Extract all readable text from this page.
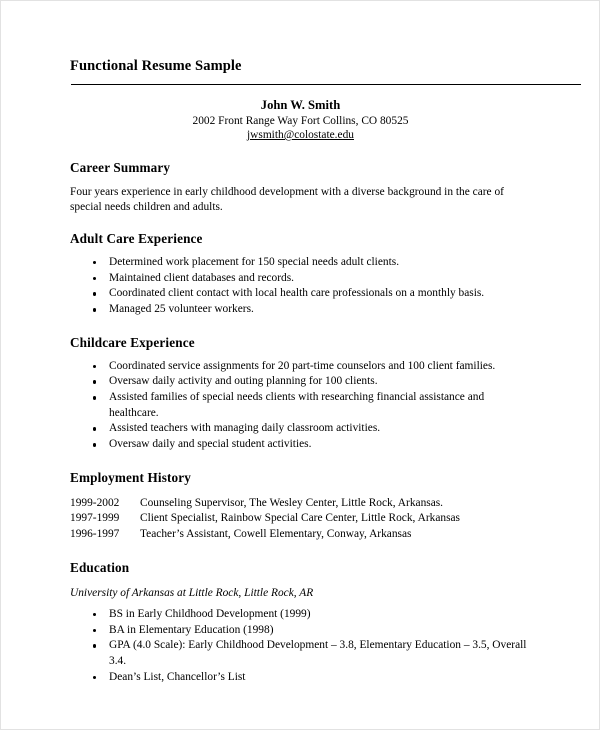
Functional Resume Sample
John W. Smith
2002 Front Range Way Fort Collins, CO 80525
jwsmith@colostate.edu
Career Summary

Four years experience in early childhood development with a diverse background in the care of special needs children and adults.

Adult Care Experience
Determined work placement for 150 special needs adult clients.
Maintained client databases and records.
Coordinated client contact with local health care professionals on a monthly basis.
Managed 25 volunteer workers.
Childcare Experience
Coordinated service assignments for 20 part-time counselors and 100 client families.
Oversaw daily activity and outing planning for 100 clients.
Assisted families of special needs clients with researching financial assistance and healthcare.
Assisted teachers with managing daily classroom activities.
Oversaw daily and special student activities.
Employment History
1999-2002	Counseling Supervisor, The Wesley Center, Little Rock, Arkansas.
1997-1999	Client Specialist, Rainbow Special Care Center, Little Rock, Arkansas
1996-1997	Teacher’s Assistant, Cowell Elementary, Conway, Arkansas
Education
University of Arkansas at Little Rock, Little Rock, AR
BS in Early Childhood Development (1999)
BA in Elementary Education (1998)
GPA (4.0 Scale): Early Childhood Development – 3.8, Elementary Education – 3.5, Overall 3.4.
Dean’s List, Chancellor’s List
